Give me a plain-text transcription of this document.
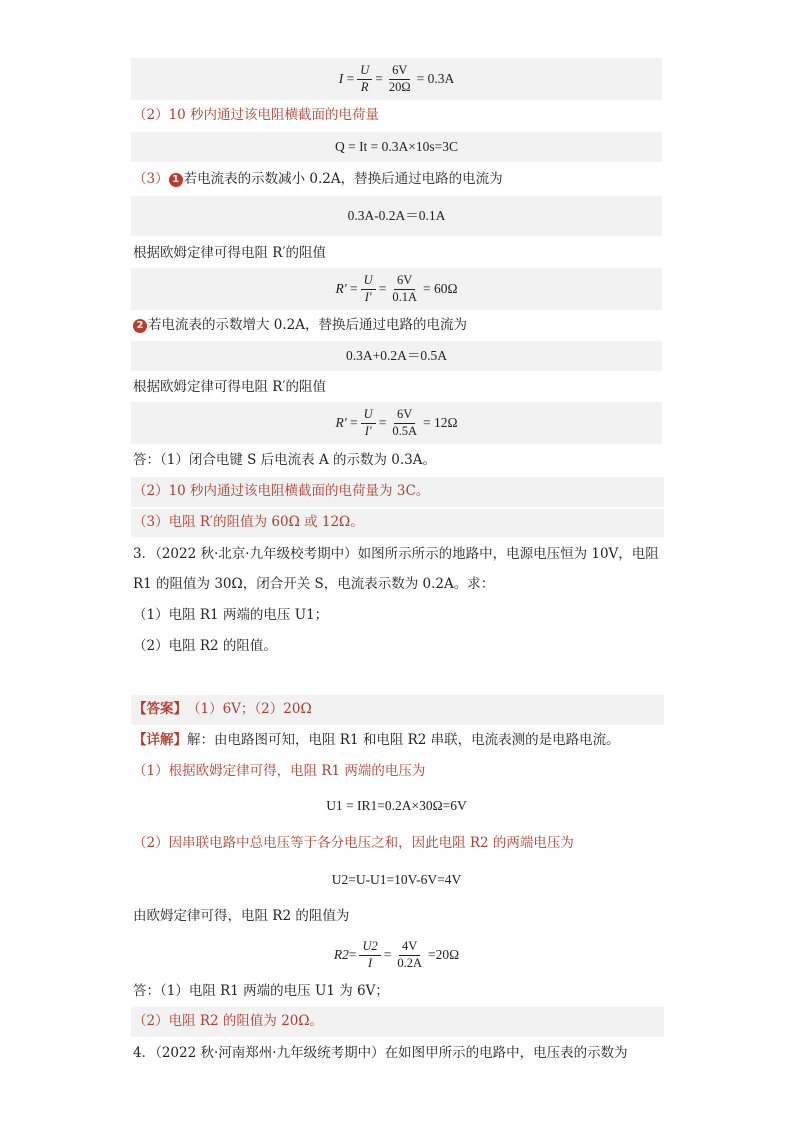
$I = \frac{U}{R} = \frac{6V}{20\Omega} = 0.3A$
（2）10 秒内通过该电阻横截面的电荷量
Q = It = 0.3A×10s=3C
（3） 1 若电流表的示数减小 0.2A，替换后通过电路的电流为
0.3A-0.2A＝0.1A
根据欧姆定律可得电阻 R′的阻值
$R' = \frac{U}{I'} = \frac{6V}{0.1A} = 60\Omega$
2 若电流表的示数增大 0.2A，替换后通过电路的电流为
0.3A+0.2A＝0.5A
根据欧姆定律可得电阻 R′的阻值
$R' = \frac{U}{I'} = \frac{6V}{0.5A} = 12\Omega$
答：（1）闭合电键 S 后电流表 A 的示数为 0.3A。
（2）10 秒内通过该电阻横截面的电荷量为 3C。
（3）电阻 R′的阻值为 60Ω 或 12Ω。
3．（2022 秋·北京·九年级校考期中）如图所示所示的地路中，电源电压恒为 10V，电阻
R1 的阻值为 30Ω，闭合开关 S，电流表示数为 0.2A。求：
（1）电阻 R1 两端的电压 U1；
（2）电阻 R2 的阻值。
【答案】 （1）6V；（2）20Ω
【详解】 解：由电路图可知，电阻 R1 和电阻 R2 串联，电流表测的是电路电流。
（1）根据欧姆定律可得，电阻 R1 两端的电压为
U1 = IR1=0.2A×30Ω=6V
（2）因串联电路中总电压等于各分电压之和，因此电阻 R2 的两端电压为
U2=U-U1=10V-6V=4V
由欧姆定律可得，电阻 R2 的阻值为
$R2 = \frac{U2}{I} = \frac{4V}{0.2A} =20\Omega$
答：（1）电阻 R1 两端的电压 U1 为 6V；
（2）电阻 R2 的阻值为 20Ω。
4．（2022 秋·河南郑州·九年级统考期中）在如图甲所示的电路中，电压表的示数为
